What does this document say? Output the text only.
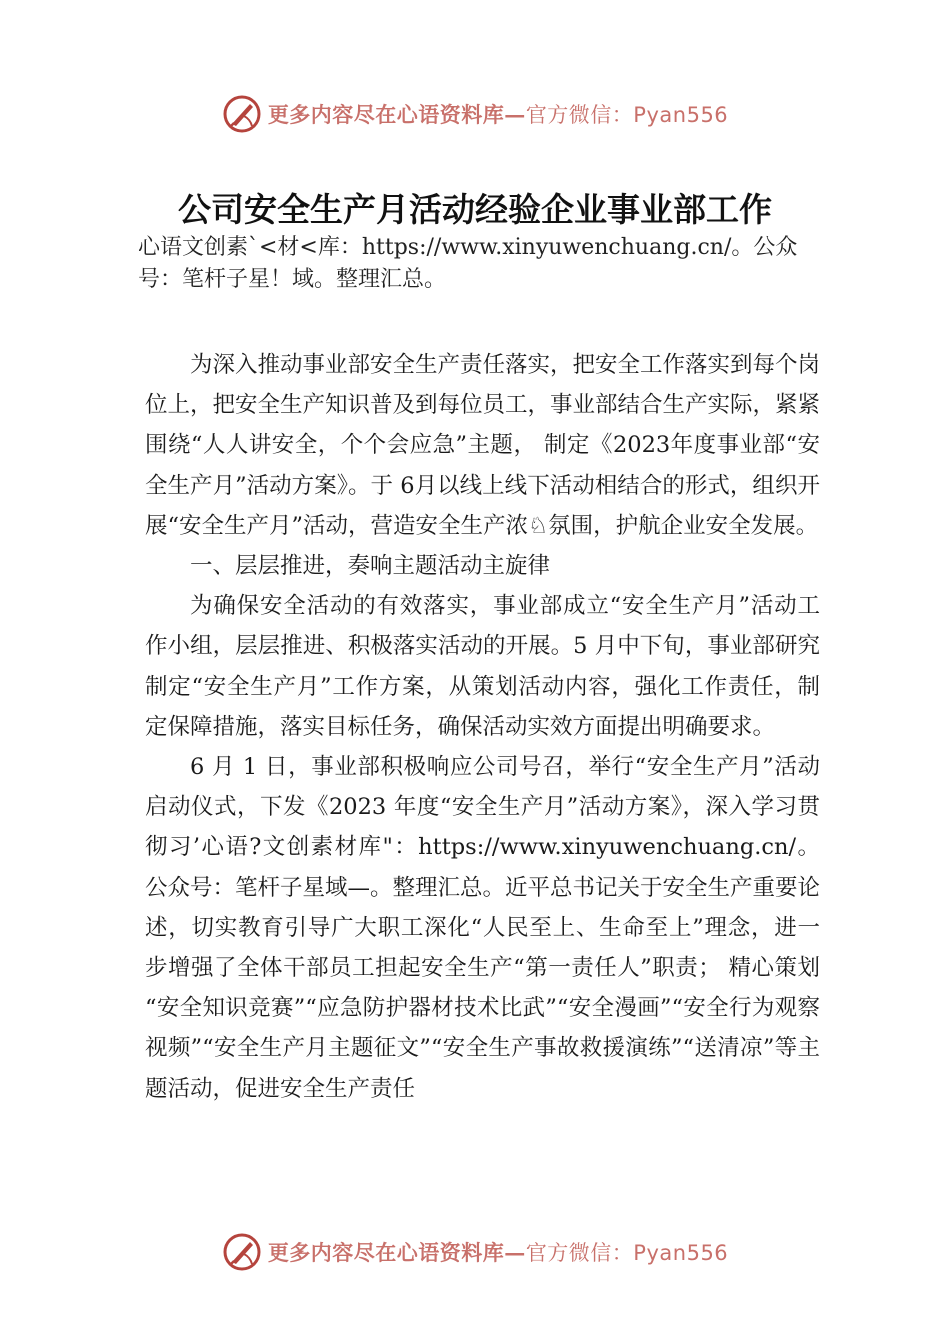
更多内容尽在心语资料库—官方微信：Pyan556
公司安全生产月活动经验企业事业部工作
心语文创素`<材<库：https://www.xinyuwenchuang.cn/。公众号：笔杆子星！域。整理汇总。

为深入推动事业部安全生产责任落实，把安全工作落实到每个岗位上，把安全生产知识普及到每位员工，事业部结合生产实际，紧紧围绕“人人讲安全，个个会应急”主题， 制定《2023年度事业部“安全生产月”活动方案》。于 6月以线上线下活动相结合的形式，组织开展“安全生产月”活动，营造安全生产浓♘氛围，护航企业安全发展。

一、层层推进，奏响主题活动主旋律

为确保安全活动的有效落实，事业部成立“安全生产月”活动工作小组，层层推进、积极落实活动的开展。5 月中下旬，事业部研究制定“安全生产月”工作方案，从策划活动内容，强化工作责任，制定保障措施，落实目标任务，确保活动实效方面提出明确要求。

6 月 1 日，事业部积极响应公司号召，举行“安全生产月”活动启动仪式，下发《2023 年度“安全生产月”活动方案》，深入学习贯彻习’心语?文创素材库"：https://www.xinyuwenchuang.cn/。公众号：笔杆子星域—。整理汇总。近平总书记关于安全生产重要论述，切实教育引导广大职工深化“人民至上、生命至上”理念，进一步增强了全体干部员工担起安全生产“第一责任人”职责； 精心策划 “安全知识竞赛”“应急防护器材技术比武”“安全漫画”“安全行为观察视频”“安全生产月主题征文”“安全生产事故救援演练”“送清凉”等主题活动，促进安全生产责任

更多内容尽在心语资料库—官方微信：Pyan556
